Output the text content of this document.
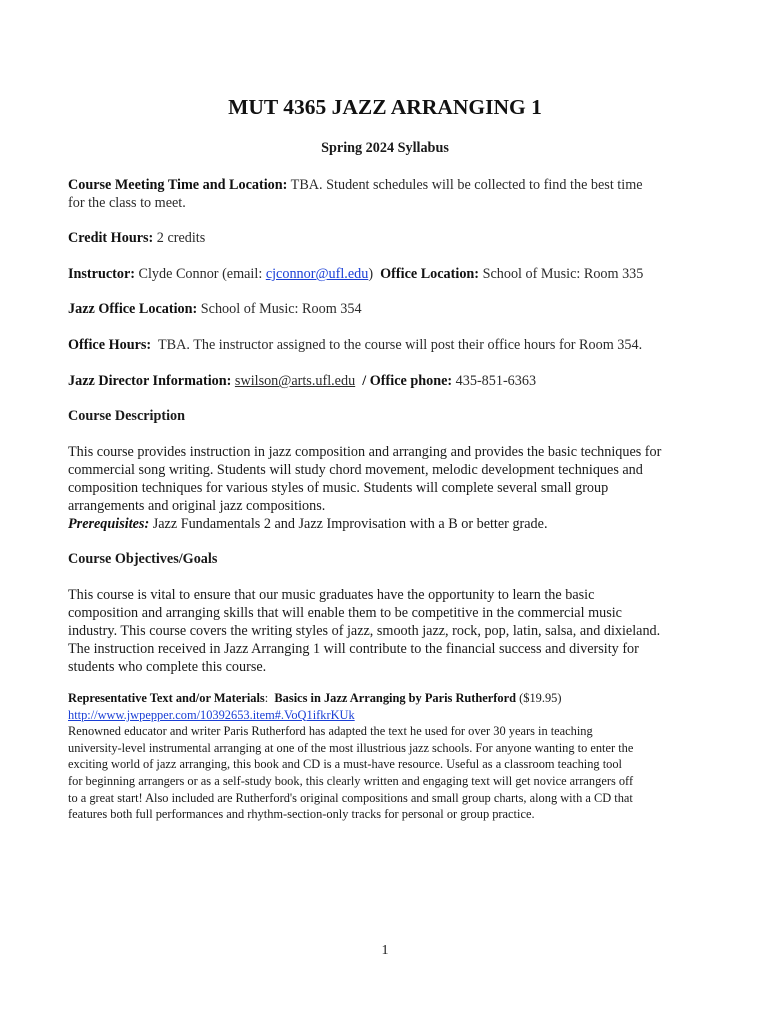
MUT 4365 JAZZ ARRANGING 1
Spring 2024 Syllabus
Course Meeting Time and Location: TBA. Student schedules will be collected to find the best time
for the class to meet.
Credit Hours: 2 credits
Instructor: Clyde Connor (email: cjconnor@ufl.edu) Office Location: School of Music: Room 335
Jazz Office Location: School of Music: Room 354
Office Hours: TBA. The instructor assigned to the course will post their office hours for Room 354.
Jazz Director Information: swilson@arts.ufl.edu / Office phone: 435-851-6363
Course Description
This course provides instruction in jazz composition and arranging and provides the basic techniques for
commercial song writing. Students will study chord movement, melodic development techniques and
composition techniques for various styles of music. Students will complete several small group
arrangements and original jazz compositions.
Prerequisites: Jazz Fundamentals 2 and Jazz Improvisation with a B or better grade.
Course Objectives/Goals
This course is vital to ensure that our music graduates have the opportunity to learn the basic
composition and arranging skills that will enable them to be competitive in the commercial music
industry. This course covers the writing styles of jazz, smooth jazz, rock, pop, latin, salsa, and dixieland.
The instruction received in Jazz Arranging 1 will contribute to the financial success and diversity for
students who complete this course.
Representative Text and/or Materials: Basics in Jazz Arranging by Paris Rutherford ($19.95)
http://www.jwpepper.com/10392653.item#.VoQ1ifkrKUk
Renowned educator and writer Paris Rutherford has adapted the text he used for over 30 years in teaching
university-level instrumental arranging at one of the most illustrious jazz schools. For anyone wanting to enter the
exciting world of jazz arranging, this book and CD is a must-have resource. Useful as a classroom teaching tool
for beginning arrangers or as a self-study book, this clearly written and engaging text will get novice arrangers off
to a great start! Also included are Rutherford's original compositions and small group charts, along with a CD that
features both full performances and rhythm-section-only tracks for personal or group practice.
1
